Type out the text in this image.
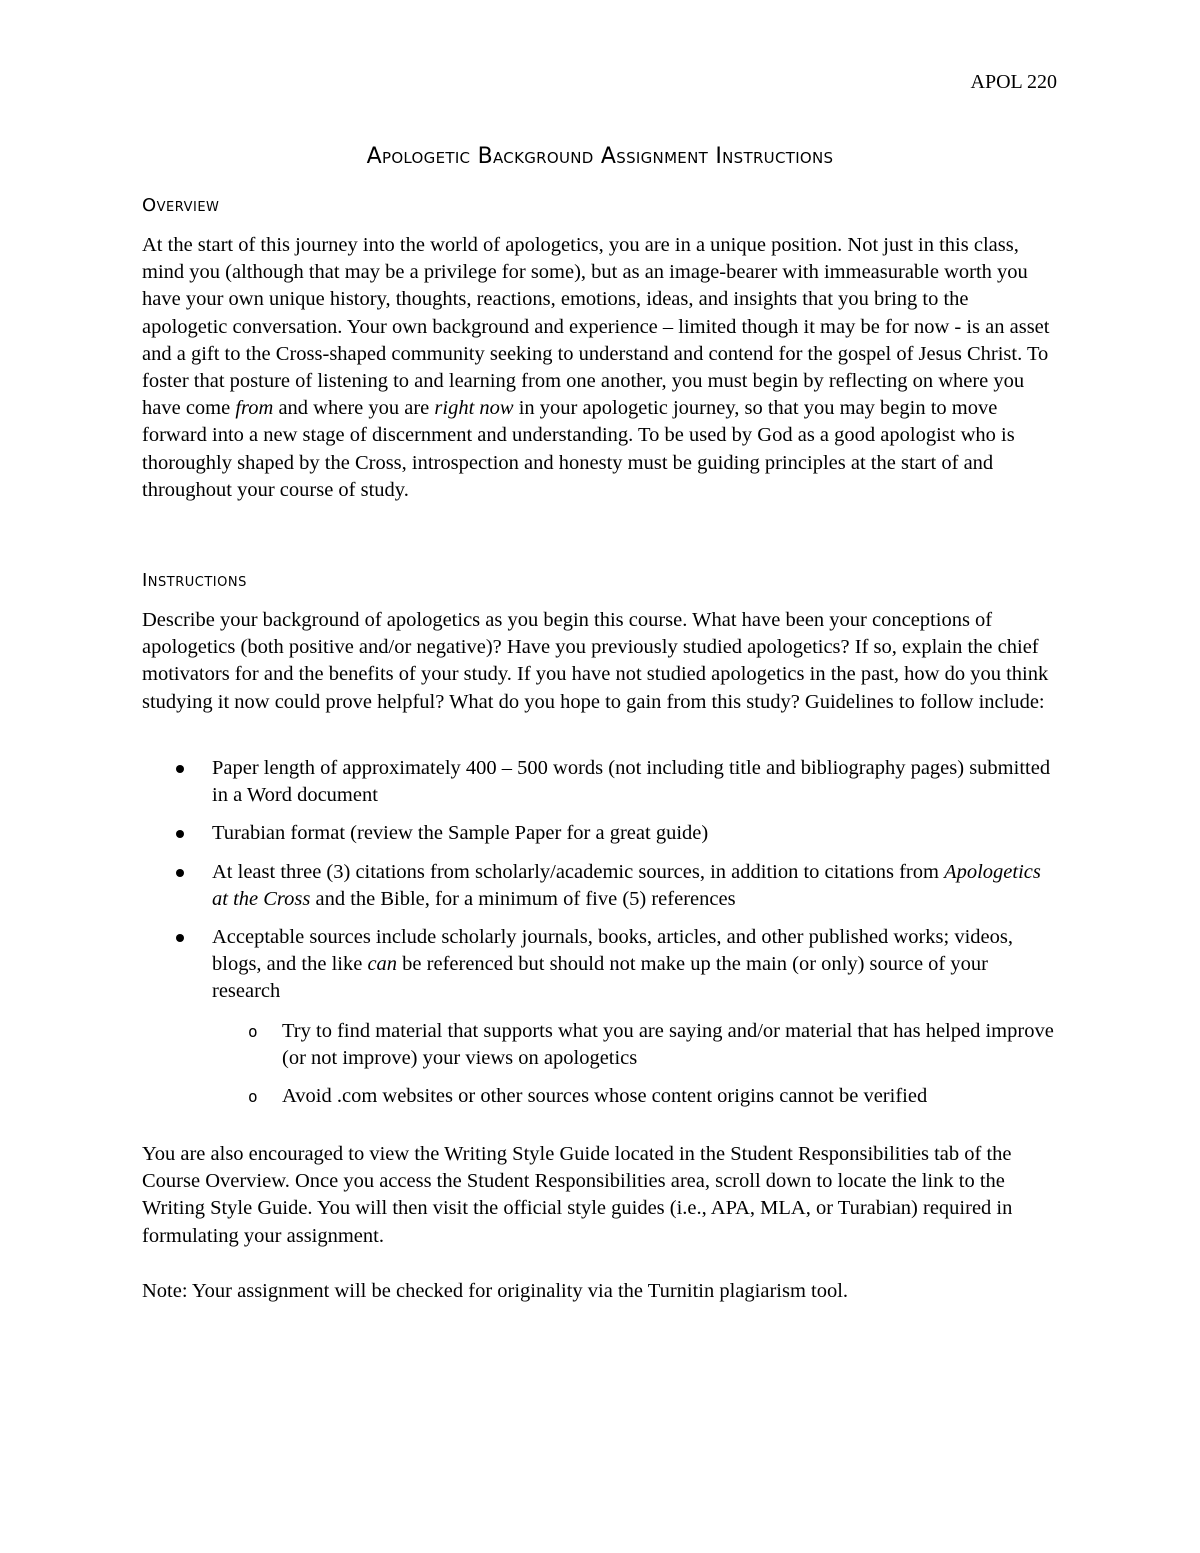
APOL 220
Apologetic Background Assignment Instructions
Overview

At the start of this journey into the world of apologetics, you are in a unique position. Not just in this class, mind you (although that may be a privilege for some), but as an image-bearer with immeasurable worth you have your own unique history, thoughts, reactions, emotions, ideas, and insights that you bring to the apologetic conversation. Your own background and experience – limited though it may be for now - is an asset and a gift to the Cross-shaped community seeking to understand and contend for the gospel of Jesus Christ. To foster that posture of listening to and learning from one another, you must begin by reflecting on where you have come from and where you are right now in your apologetic journey, so that you may begin to move forward into a new stage of discernment and understanding. To be used by God as a good apologist who is thoroughly shaped by the Cross, introspection and honesty must be guiding principles at the start of and throughout your course of study.

Instructions

Describe your background of apologetics as you begin this course. What have been your conceptions of apologetics (both positive and/or negative)? Have you previously studied apologetics? If so, explain the chief motivators for and the benefits of your study. If you have not studied apologetics in the past, how do you think studying it now could prove helpful? What do you hope to gain from this study? Guidelines to follow include:

Paper length of approximately 400 – 500 words (not including title and bibliography pages) submitted in a Word document
Turabian format (review the Sample Paper for a great guide)
At least three (3) citations from scholarly/academic sources, in addition to citations from Apologetics at the Cross and the Bible, for a minimum of five (5) references
Acceptable sources include scholarly journals, books, articles, and other published works; videos, blogs, and the like can be referenced but should not make up the main (or only) source of your research
o Try to find material that supports what you are saying and/or material that has helped improve (or not improve) your views on apologetics
o Avoid .com websites or other sources whose content origins cannot be verified

You are also encouraged to view the Writing Style Guide located in the Student Responsibilities tab of the Course Overview. Once you access the Student Responsibilities area, scroll down to locate the link to the Writing Style Guide. You will then visit the official style guides (i.e., APA, MLA, or Turabian) required in formulating your assignment.

Note: Your assignment will be checked for originality via the Turnitin plagiarism tool.
